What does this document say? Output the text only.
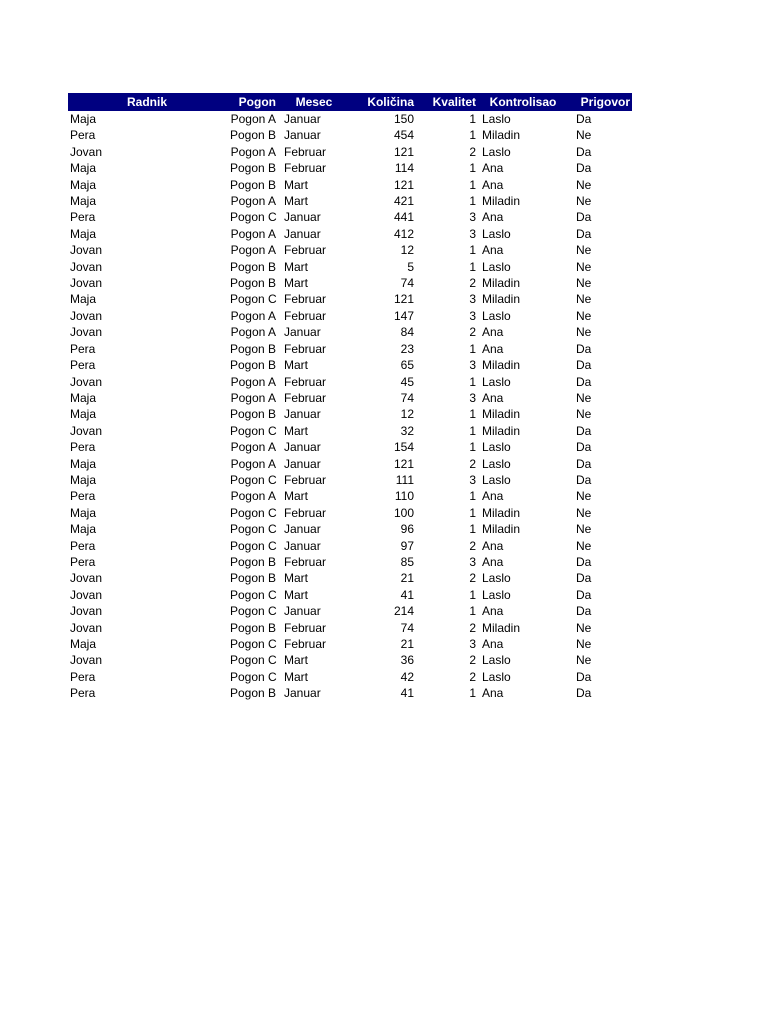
Radnik	Pogon	Mesec	Količina	Kvalitet	Kontrolisao	Prigovor
Maja	Pogon A	Januar	150	1	Laslo	Da
Pera	Pogon B	Januar	454	1	Miladin	Ne
Jovan	Pogon A	Februar	121	2	Laslo	Da
Maja	Pogon B	Februar	114	1	Ana	Da
Maja	Pogon B	Mart	121	1	Ana	Ne
Maja	Pogon A	Mart	421	1	Miladin	Ne
Pera	Pogon C	Januar	441	3	Ana	Da
Maja	Pogon A	Januar	412	3	Laslo	Da
Jovan	Pogon A	Februar	12	1	Ana	Ne
Jovan	Pogon B	Mart	5	1	Laslo	Ne
Jovan	Pogon B	Mart	74	2	Miladin	Ne
Maja	Pogon C	Februar	121	3	Miladin	Ne
Jovan	Pogon A	Februar	147	3	Laslo	Ne
Jovan	Pogon A	Januar	84	2	Ana	Ne
Pera	Pogon B	Februar	23	1	Ana	Da
Pera	Pogon B	Mart	65	3	Miladin	Da
Jovan	Pogon A	Februar	45	1	Laslo	Da
Maja	Pogon A	Februar	74	3	Ana	Ne
Maja	Pogon B	Januar	12	1	Miladin	Ne
Jovan	Pogon C	Mart	32	1	Miladin	Da
Pera	Pogon A	Januar	154	1	Laslo	Da
Maja	Pogon A	Januar	121	2	Laslo	Da
Maja	Pogon C	Februar	111	3	Laslo	Da
Pera	Pogon A	Mart	110	1	Ana	Ne
Maja	Pogon C	Februar	100	1	Miladin	Ne
Maja	Pogon C	Januar	96	1	Miladin	Ne
Pera	Pogon C	Januar	97	2	Ana	Ne
Pera	Pogon B	Februar	85	3	Ana	Da
Jovan	Pogon B	Mart	21	2	Laslo	Da
Jovan	Pogon C	Mart	41	1	Laslo	Da
Jovan	Pogon C	Januar	214	1	Ana	Da
Jovan	Pogon B	Februar	74	2	Miladin	Ne
Maja	Pogon C	Februar	21	3	Ana	Ne
Jovan	Pogon C	Mart	36	2	Laslo	Ne
Pera	Pogon C	Mart	42	2	Laslo	Da
Pera	Pogon B	Januar	41	1	Ana	Da
